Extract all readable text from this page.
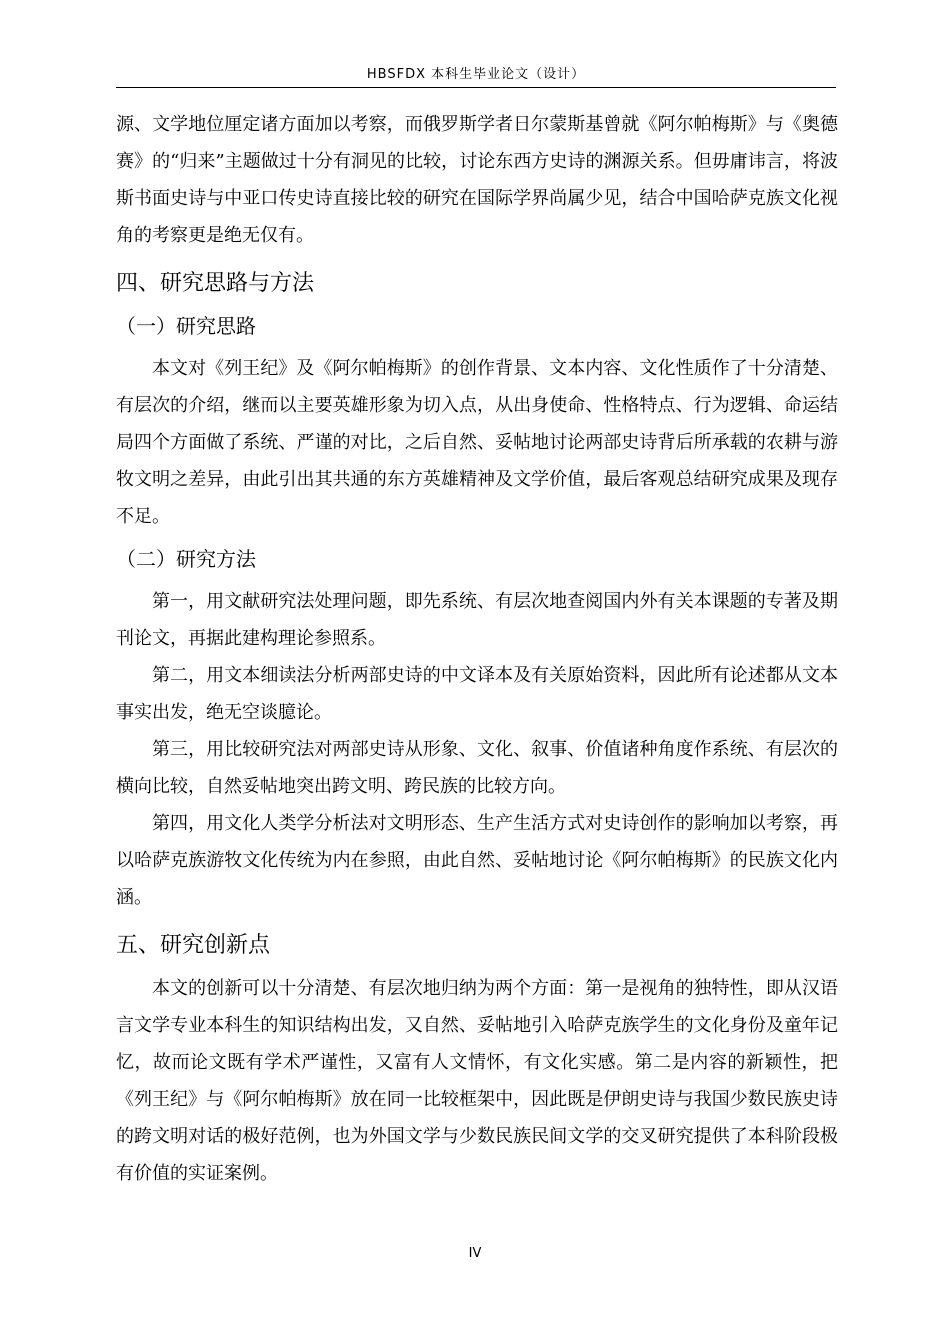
HBSFDX 本科生毕业论文（设计）

源、文学地位厘定诸方面加以考察，而俄罗斯学者日尔蒙斯基曾就《阿尔帕梅斯》与《奥德赛》的“归来”主题做过十分有洞见的比较，讨论东西方史诗的渊源关系。但毋庸讳言，将波斯书面史诗与中亚口传史诗直接比较的研究在国际学界尚属少见，结合中国哈萨克族文化视角的考察更是绝无仅有。

四、研究思路与方法
（一）研究思路

本文对《列王纪》及《阿尔帕梅斯》的创作背景、文本内容、文化性质作了十分清楚、有层次的介绍，继而以主要英雄形象为切入点，从出身使命、性格特点、行为逻辑、命运结局四个方面做了系统、严谨的对比，之后自然、妥帖地讨论两部史诗背后所承载的农耕与游牧文明之差异，由此引出其共通的东方英雄精神及文学价值，最后客观总结研究成果及现存不足。

（二）研究方法

第一，用文献研究法处理问题，即先系统、有层次地查阅国内外有关本课题的专著及期刊论文，再据此建构理论参照系。

第二，用文本细读法分析两部史诗的中文译本及有关原始资料，因此所有论述都从文本事实出发，绝无空谈臆论。

第三，用比较研究法对两部史诗从形象、文化、叙事、价值诸种角度作系统、有层次的横向比较，自然妥帖地突出跨文明、跨民族的比较方向。

第四，用文化人类学分析法对文明形态、生产生活方式对史诗创作的影响加以考察，再以哈萨克族游牧文化传统为内在参照，由此自然、妥帖地讨论《阿尔帕梅斯》的民族文化内涵。

五、研究创新点

本文的创新可以十分清楚、有层次地归纳为两个方面：第一是视角的独特性，即从汉语言文学专业本科生的知识结构出发，又自然、妥帖地引入哈萨克族学生的文化身份及童年记忆，故而论文既有学术严谨性，又富有人文情怀，有文化实感。第二是内容的新颖性，把《列王纪》与《阿尔帕梅斯》放在同一比较框架中，因此既是伊朗史诗与我国少数民族史诗的跨文明对话的极好范例，也为外国文学与少数民族民间文学的交叉研究提供了本科阶段极有价值的实证案例。

IV
